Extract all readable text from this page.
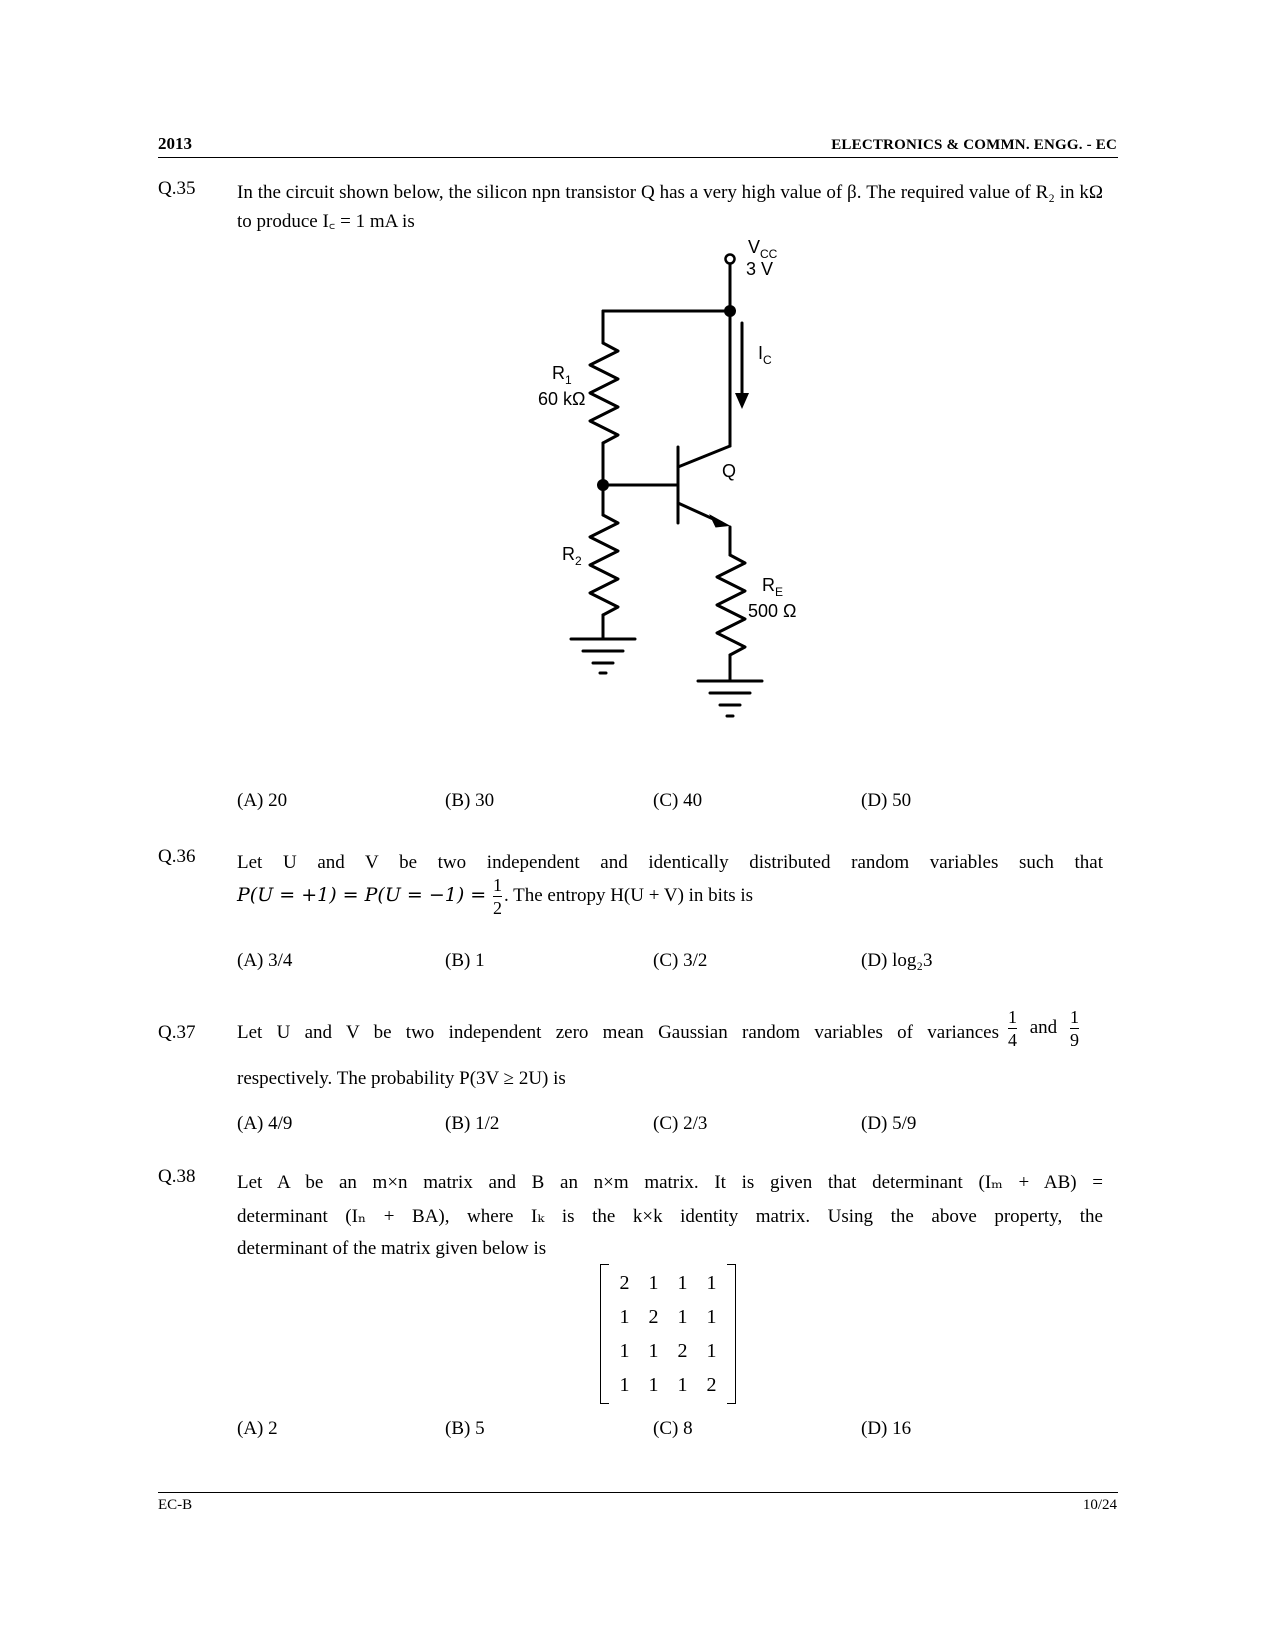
2013	ELECTRONICS & COMMN. ENGG. - EC
Q.35 In the circuit shown below, the silicon npn transistor Q has a very high value of β. The required value of R₂ in kΩ to produce I꜀ = 1 mA is
$V_{CC}$
3 V
$I_C$
$R_1$
60 kΩ
Q
$R_2$
$R_E$
500 Ω
(A) 20	(B) 30	(C) 40	(D) 50
Q.36 Let U and V be two independent and identically distributed random variables such that
$P(U = +1) = P(U = -1) = \frac{1}{2}$ . The entropy H(U + V) in bits is
(A) 3/4	(B) 1	(C) 3/2	(D) log₂3
Q.37 Let U and V be two independent zero mean Gaussian random variables of variances $\frac{1}{4}$ and $\frac{1}{9}$
respectively. The probability P(3V ≥ 2U) is
(A) 4/9	(B) 1/2	(C) 2/3	(D) 5/9
Q.38 Let A be an m×n matrix and B an n×m matrix. It is given that determinant (Iₘ + AB) =
determinant (Iₙ + BA), where Iₖ is the k×k identity matrix. Using the above property, the
determinant of the matrix given below is
2 1 1 1
1 2 1 1
1 1 2 1
1 1 1 2
(A) 2	(B) 5	(C) 8	(D) 16
EC-B	10/24
